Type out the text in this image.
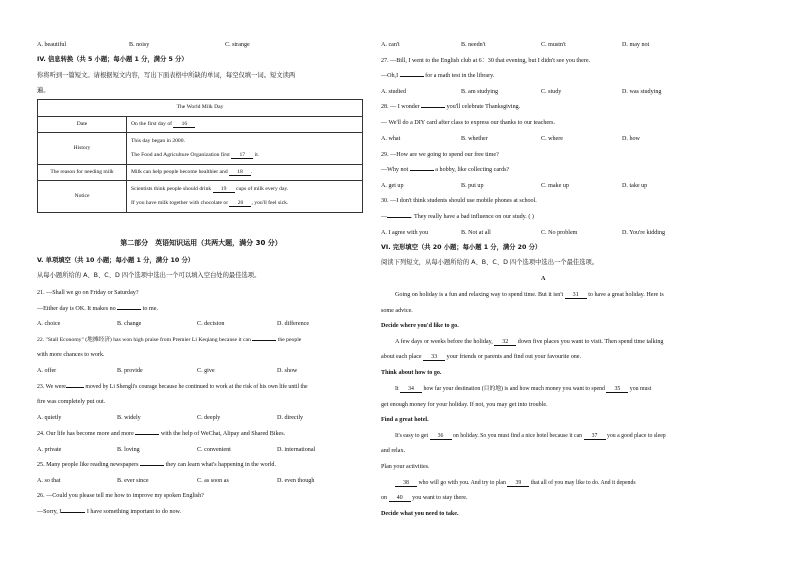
A. beautiful	B. noisy	C. strange
IV. 信息转换（共 5 小题；每小题 1 分，满分 5 分）
你将听到一篇短文。请根据短文内容，写出下面表格中所缺的单词，每空仅填一词。短文读两
遍。
The World Milk Day	
Date	On the first day of 16
History	This day began in 2000.
The Food and Agriculture Organization first 17 it.

The reason for needing milk	Milk can help people become healthier and 18 .
Notice	Scientists think people should drink 19 cups of milk every day.
If you have milk together with chocolate or 20 , you'll feel sick.
第二部分　英语知识运用（共两大题，满分 30 分）
V. 单项填空（共 10 小题；每小题 1 分，满分 10 分）
从每小题所给的 A、B、C、D 四个选项中选出一个可以填入空白处的最佳选项。
21. —Shall we go on Friday or Saturday?
—Either day is OK. It makes no	to me.
A. choice	B. change	C. decision	D. difference
22. "Stall Economy" (地摊经济) has won high praise from Premier Li Keqiang because it can	the people
with more chances to work.
A. offer	B. provide	C. give	D. show
23. We were	moved by Li Shengli's courage because he continued to work at the risk of his own life until the
fire was completely put out.
A. quietly	B. widely	C. deeply	D. directly
24. Our life has become more and more	with the help of WeChat, Alipay and Shared Bikes.
A. private	B. loving	C. convenient	D. international
25. Many people like reading newspapers	they can learn what's happening in the world.
A. so that	B. ever since	C. as soon as	D. even though
26. —Could you please tell me how to improve my spoken English?
—Sorry, I	I have something important to do now.
A. can't	B. needn't	C. mustn't	D. may not
27. —Bill, I went to the English club at 6：30 that evening, but I didn't see you there.
—Oh,I	for a math test in the library.
A. studied	B. am studying	C. study	D. was studying
28. — I wonder	you'll celebrate Thanksgiving.
— We'll do a DIY card after class to express our thanks to our teachers.
A. what	B. whether	C. where	D. how
29. —How are we going to spend our free time?
—Why not	a hobby, like collecting cards?
A. get up	B. put up	C. make up	D. take up
30. —I don't think students should use mobile phones at school.
—	. They really have a bad influence on our study. ( )
A. I agree with you	B. Not at all	C. No problem	D. You're kidding
VI. 完形填空（共 20 小题；每小题 1 分，满分 20 分）
阅读下列短文，从每小题所给的 A、B、C、D 四个选项中选出一个最佳选项。
A
Going on holiday is a fun and relaxing way to spend time. But it isn't 31 to have a great holiday. Here is
some advice.
Decide where you'd like to go.
A few days or weeks before the holiday, 32 down five places you want to visit. Then spend time talking
about each place 33 your friends or parents and find out your favourite one.
Think about how to go.
It 34 how far your destination (目的地) is and how much money you want to spend 35 you must
get enough money for your holiday. If not, you may get into trouble.
Find a great hotel.
It's easy to get 36 on holiday. So you must find a nice hotel because it can 37 you a good place to sleep
and relax.
Plan your activities.
38 who will go with you. And try to plan 39 that all of you may like to do. And it depends
on 40 you want to stay there.
Decide what you need to take.
